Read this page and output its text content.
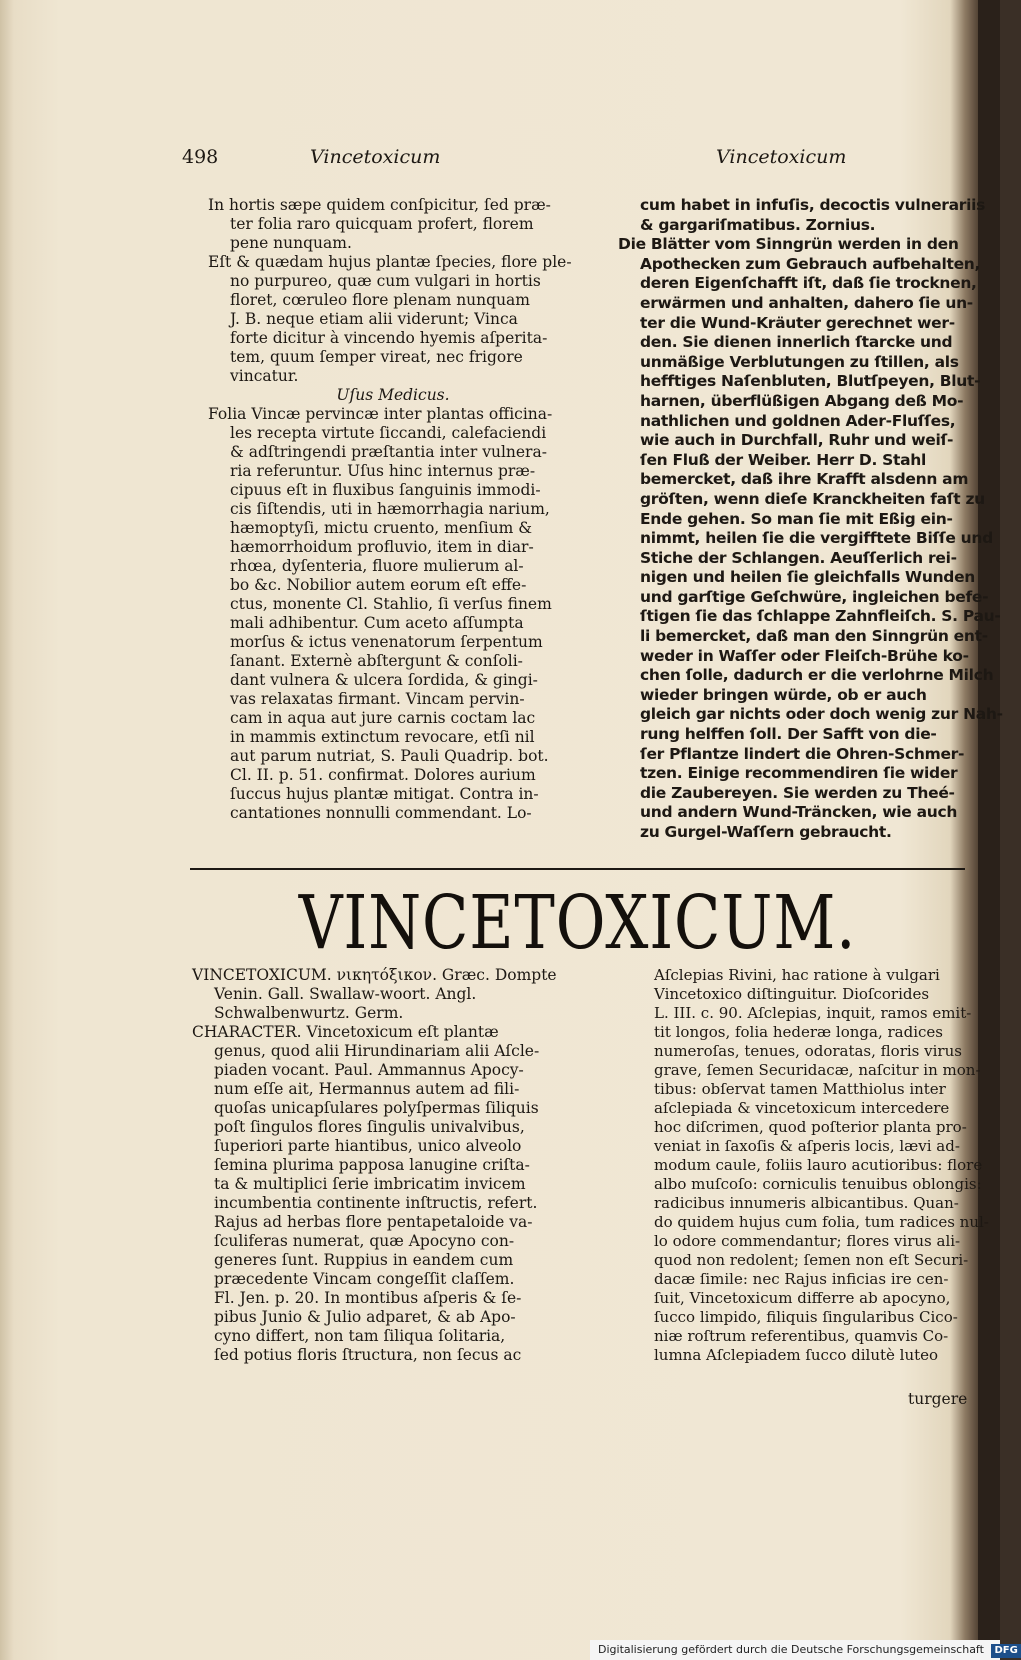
498	Vincetoxicum	Vincetoxicum

In hortis sæpe quidem conſpicitur, ſed præ-

ter folia raro quicquam profert, florem

pene nunquam.

Eſt & quædam hujus plantæ ſpecies, flore ple-

no purpureo, quæ cum vulgari in hortis

floret, cœruleo flore plenam nunquam

J. B. neque etiam alii viderunt; Vinca

forte dicitur à vincendo hyemis aſperita-

tem, quum ſemper vireat, nec frigore

vincatur.

Uſus Medicus.

Folia Vincæ pervincæ inter plantas officina-

les recepta virtute ſiccandi, calefaciendi

& adſtringendi præſtantia inter vulnera-

ria referuntur. Uſus hinc internus præ-

cipuus eſt in fluxibus ſanguinis immodi-

cis ſiſtendis, uti in hæmorrhagia narium,

hæmoptyſi, mictu cruento, menſium &

hæmorrhoidum profluvio, item in diar-

rhœa, dyſenteria, fluore mulierum al-

bo &c. Nobilior autem eorum eſt effe-

ctus, monente Cl. Stahlio, ſi verſus finem

mali adhibentur. Cum aceto aſſumpta

morſus & ictus venenatorum ſerpentum

ſanant. Externè abſtergunt & conſoli-

dant vulnera & ulcera ſordida, & gingi-

vas relaxatas firmant. Vincam pervin-

cam in aqua aut jure carnis coctam lac

in mammis extinctum revocare, etſi nil

aut parum nutriat, S. Pauli Quadrip. bot.

Cl. II. p. 51. confirmat. Dolores aurium

ſuccus hujus plantæ mitigat. Contra in-

cantationes nonnulli commendant. Lo-

cum habet in infuſis, decoctis vulnerariis

& gargariſmatibus. Zornius.

Die Blätter vom Sinngrün werden in den

Apothecken zum Gebrauch aufbehalten,

deren Eigenſchafft iſt, daß ſie trocknen,

erwärmen und anhalten, dahero ſie un-

ter die Wund-Kräuter gerechnet wer-

den. Sie dienen innerlich ſtarcke und

unmäßige Verblutungen zu ſtillen, als

hefftiges Naſenbluten, Blutſpeyen, Blut-

harnen, überflüßigen Abgang deß Mo-

nathlichen und goldnen Ader-Fluſſes,

wie auch in Durchfall, Ruhr und weiſ-

ſen Fluß der Weiber. Herr D. Stahl

bemercket, daß ihre Krafft alsdenn am

gröſten, wenn dieſe Kranckheiten faſt zu

Ende gehen. So man ſie mit Eßig ein-

nimmt, heilen ſie die vergifftete Biſſe und

Stiche der Schlangen. Aeuſſerlich rei-

nigen und heilen ſie gleichfalls Wunden

und garſtige Geſchwüre, ingleichen befe-

ſtigen ſie das ſchlappe Zahnfleiſch. S. Pau-

li bemercket, daß man den Sinngrün ent-

weder in Waſſer oder Fleiſch-Brühe ko-

chen ſolle, dadurch er die verlohrne Milch

wieder bringen würde, ob er auch

gleich gar nichts oder doch wenig zur Nah-

rung helffen ſoll. Der Safft von die-

ſer Pflantze lindert die Ohren-Schmer-

tzen. Einige recommendiren ſie wider

die Zaubereyen. Sie werden zu Theé-

und andern Wund-Träncken, wie auch

zu Gurgel-Waſſern gebraucht.

VINCETOXICUM.

VINCETOXICUM. νικητόξικον. Græc. Dompte

Venin. Gall. Swallaw-woort. Angl.

Schwalbenwurtz. Germ.

CHARACTER. Vincetoxicum eſt plantæ

genus, quod alii Hirundinariam alii Aſcle-

piaden vocant. Paul. Ammannus Apocy-

num eſſe ait, Hermannus autem ad fili-

quoſas unicapſulares polyſpermas ſiliquis

poſt ſingulos flores ſingulis univalvibus,

ſuperiori parte hiantibus, unico alveolo

ſemina plurima papposa lanugine criſta-

ta & multiplici ſerie imbricatim invicem

incumbentia continente inſtructis, refert.

Rajus ad herbas flore pentapetaloide va-

ſculiferas numerat, quæ Apocyno con-

generes ſunt. Ruppius in eandem cum

præcedente Vincam congeſſit claſſem.

Fl. Jen. p. 20. In montibus aſperis & ſe-

pibus Junio & Julio adparet, & ab Apo-

cyno differt, non tam ſiliqua ſolitaria,

ſed potius floris ſtructura, non ſecus ac

Aſclepias Rivini, hac ratione à vulgari

Vincetoxico diſtinguitur. Dioſcorides

L. III. c. 90. Aſclepias, inquit, ramos emit-

tit longos, folia hederæ longa, radices

numeroſas, tenues, odoratas, floris virus

grave, ſemen Securidacæ, naſcitur in mon-

tibus: obſervat tamen Matthiolus inter

aſclepiada & vincetoxicum intercedere

hoc diſcrimen, quod poſterior planta pro-

veniat in ſaxoſis & aſperis locis, lævi ad-

modum caule, foliis lauro acutioribus: flore

albo muſcoſo: corniculis tenuibus oblongis:

radicibus innumeris albicantibus. Quan-

do quidem hujus cum folia, tum radices nul-

lo odore commendantur; flores virus ali-

quod non redolent; ſemen non eſt Securi-

dacæ ſimile: nec Rajus inficias ire cen-

ſuit, Vincetoxicum differre ab apocyno,

ſucco limpido, filiquis ſingularibus Cico-

niæ roſtrum referentibus, quamvis Co-

lumna Aſclepiadem ſucco dilutè luteo

turgere
Digitalisierung gefördert durch die Deutsche Forschungsgemeinschaft DFG
